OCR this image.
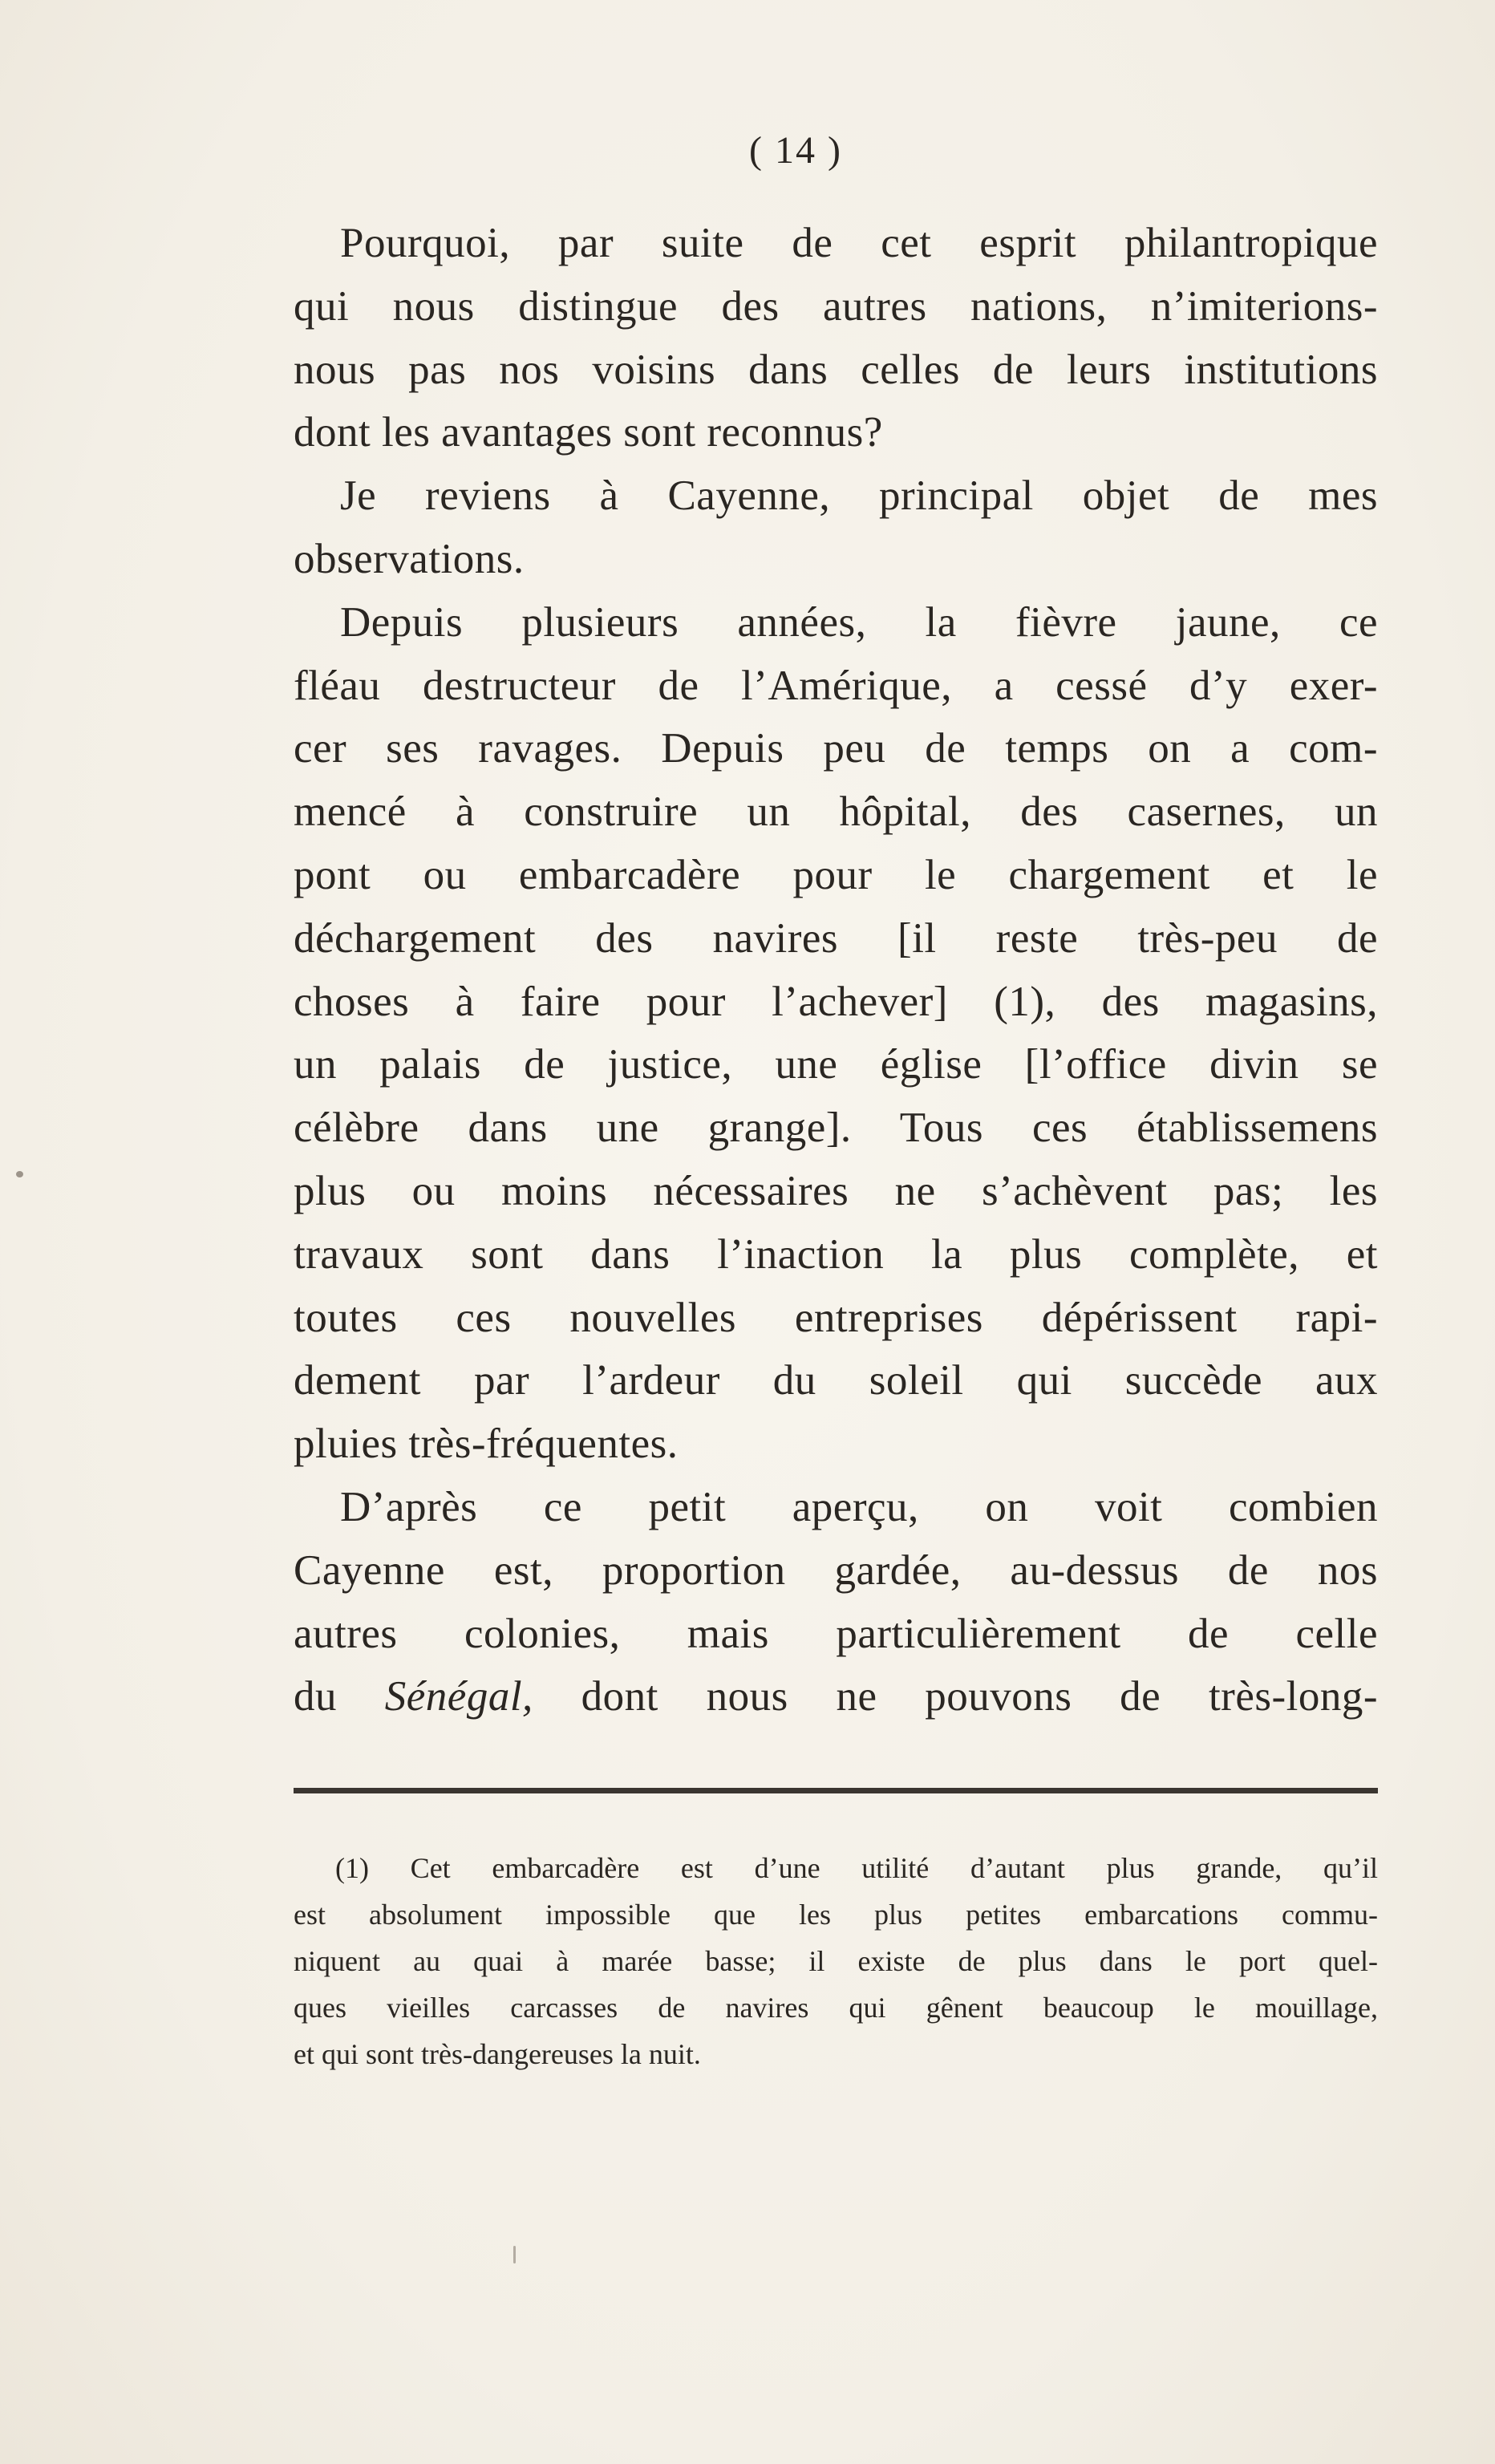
( 14 )
Pourquoi, par suite de cet esprit philantropique
qui nous distingue des autres nations, n’imiterions-
nous pas nos voisins dans celles de leurs institutions
dont les avantages sont reconnus?
Je reviens à Cayenne, principal objet de mes
observations.
Depuis plusieurs années, la fièvre jaune, ce
fléau destructeur de l’Amérique, a cessé d’y exer-
cer ses ravages. Depuis peu de temps on a com-
mencé à construire un hôpital, des casernes, un
pont ou embarcadère pour le chargement et le
déchargement des navires [il reste très-peu de
choses à faire pour l’achever] (1), des magasins,
un palais de justice, une église [l’office divin se
célèbre dans une grange]. Tous ces établissemens
plus ou moins nécessaires ne s’achèvent pas; les
travaux sont dans l’inaction la plus complète, et
toutes ces nouvelles entreprises dépérissent rapi-
dement par l’ardeur du soleil qui succède aux
pluies très-fréquentes.
D’après ce petit aperçu, on voit combien
Cayenne est, proportion gardée, au-dessus de nos
autres colonies, mais particulièrement de celle
du Sénégal, dont nous ne pouvons de très-long-
(1) Cet embarcadère est d’une utilité d’autant plus grande, qu’il
est absolument impossible que les plus petites embarcations commu-
niquent au quai à marée basse; il existe de plus dans le port quel-
ques vieilles carcasses de navires qui gênent beaucoup le mouillage,
et qui sont très-dangereuses la nuit.
